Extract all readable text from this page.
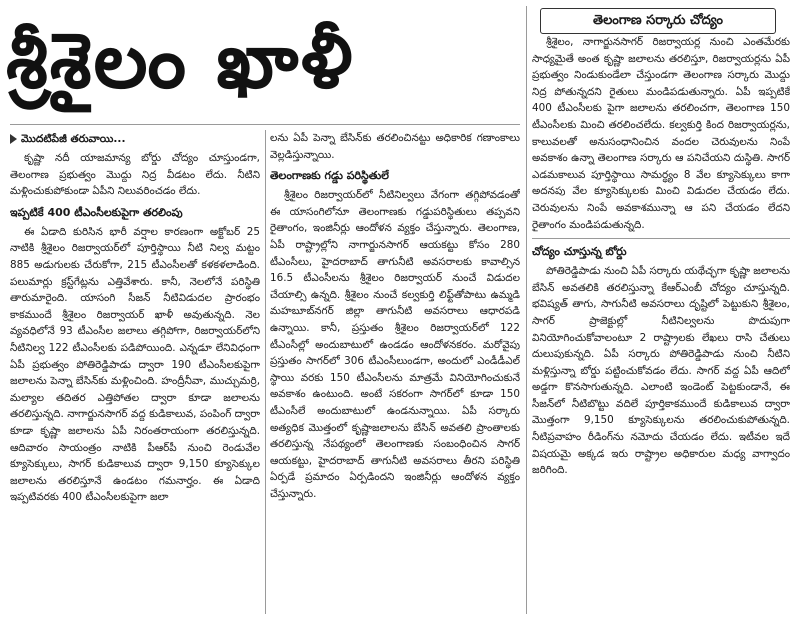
శ్రీశైలం ఖాళీ	తెలంగాణ సర్కారు చోద్యం
మొదటిపేజీ తరువాయి...

కృష్ణా నదీ యాజమాన్య బోర్డు చోద్యం చూస్తుండగా, తెలంగాణ ప్రభుత్వం మొద్దు నిద్ర వీడటం లేదు. నీటిని మళ్లించుకుపోకుండా ఏపీని నిలువరించడం లేదు.

ఇప్పటికే 400 టీఎంసీలకుపైగా తరలింపు

ఈ ఏడాది కురిసిన భారీ వర్షాల కారణంగా అక్టోబర్ 25 నాటికి శ్రీశైలం రిజర్వాయర్‌లో పూర్తిస్థాయి నీటి నిల్వ మట్టం 885 అడుగులకు చేరుకోగా, 215 టీఎంసీలతో కళకళలాడింది. పలుమార్లు క్రస్ట్‌గేట్లను ఎత్తివేశారు. కానీ, నెలలోనే పరిస్థితి తారుమారైంది. యాసంగి సీజన్‌ నీటివిడుదల ప్రారంభం కాకముందే శ్రీశైలం రిజర్వాయర్‌ ఖాళీ అవుతున్నది. నెల వ్యవధిలోనే 93 టీఎంసీల జలాలు తగ్గిపోగా, రిజర్వాయర్‌లోని నీటినిల్వ 122 టీఎంసీలకు పడిపోయింది. ఎన్నడూ లేనివిధంగా ఏపీ ప్రభుత్వం పోతిరెడ్డిపాడు ద్వారా 190 టీఎంసీలకుపైగా జలాలను పెన్నా బేసిన్‌కు మళ్లించింది. హంద్రీనీవా, ముచ్చుమర్రి, మల్యాల తదితర ఎత్తిపోతల ద్వారా కూడా జలాలను తరలిస్తున్నది. నాగార్జునసాగర్‌ వద్ద కుడికాలువ, పంపింగ్‌ ద్వారా కూడా కృష్ణా జలాలను ఏపీ నిరంతరాయంగా తరలిస్తున్నది. ఆదివారం సాయంత్రం నాటికి పీఆర్‌పీ నుంచి రెండువేల క్యూసెక్కులు, సాగర్‌ కుడికాలువ ద్వారా 9,150 క్యూసెక్కుల జలాలను తరలిస్తూనే ఉండటం గమనార్హం. ఈ ఏడాది ఇప్పటివరకు 400 టీఎంసీలకుపైగా జలా

లను ఏపీ పెన్నా బేసిన్‌కు తరలించినట్టు అధికారిక గణాంకాలు వెల్లడిస్తున్నాయి.

తెలంగాణకు గడ్డు పరిస్థితులే

శ్రీశైలం రిజర్వాయర్‌లో నీటినిల్వలు వేగంగా తగ్గిపోవడంతో ఈ యాసంగిలోనూ తెలంగాణకు గడ్డుపరిస్థితులు తప్పవని రైతాంగం, ఇంజినీర్లు ఆందోళన వ్యక్తం చేస్తున్నారు. తెలంగాణ, ఏపీ రాష్ట్రాల్లోని నాగార్జునసాగర్‌ ఆయకట్టు కోసం 280 టీఎంసీలు, హైదరాబాద్‌ తాగునీటి అవసరాలకు కావాల్సిన 16.5 టీఎంసీలను శ్రీశైలం రిజర్వాయర్‌ నుంచే విడుదల చేయాల్సి ఉన్నది. శ్రీశైలం నుంచే కల్వకుర్తి లిఫ్ట్‌తోపాటు ఉమ్మడి మహబూబ్‌నగర్‌ జిల్లా తాగునీటి అవసరాలు ఆధారపడి ఉన్నాయి. కానీ, ప్రస్తుతం శ్రీశైలం రిజర్వాయర్‌లో 122 టీఎంసీల్లో అందుబాటులో ఉండడం ఆందోళనకరం. మరోవైపు ప్రస్తుతం సాగర్‌లో 306 టీఎంసీలుండగా, అందులో ఎండీడీఎల్‌ స్థాయి వరకు 150 టీఎంసీలను మాత్రమే వినియోగించుకునే అవకాశం ఉంటుంది. అంటే సకరంగా సాగర్‌లో కూడా 150 టీఎంసీలే అందుబాటులో ఉండనున్నాయి. ఏపీ సర్కారు అత్యధిక మొత్తంలో కృష్ణాజలాలను బేసిన్‌ అవతలి ప్రాంతాలకు తరలిస్తున్న నేపథ్యంలో తెలంగాణకు సంబంధించిన సాగర్‌ ఆయకట్టు, హైదరాబాద్‌ తాగునీటి అవసరాలు తీరని పరిస్థితి ఏర్పడే ప్రమాదం ఏర్పడిందని ఇంజినీర్లు ఆందోళన వ్యక్తం చేస్తున్నారు.

శ్రీశైలం, నాగార్జునసాగర్‌ రిజర్వాయర్ల నుంచి ఎంతమేరకు సాధ్యమైతే అంత కృష్ణా జలాలను తరలిస్తూ, రిజర్వాయర్లను ఏపీ ప్రభుత్వం నిండుకుండేలా చేస్తుండగా తెలంగాణ సర్కారు మొద్దు నిద్ర పోతున్నదని రైతులు మండిపడుతున్నారు. ఏపీ ఇప్పటికే 400 టీఎంసీలకు పైగా జలాలను తరలించగా, తెలంగాణ 150 టీఎంసీలకు మించి తరలించలేదు. కల్వకుర్తి కింద రిజర్వాయర్లను, కాలువలతో అనుసంధానించిన వందల చెరువులను నింపే అవకాశం ఉన్నా తెలంగాణ సర్కారు ఆ పనిచేయని దుస్థితి. సాగర్‌ ఎడమకాలువ పూర్తిస్థాయి సామర్థ్యం 8 వేల క్యూసెక్కులు కాగా అదనపు వేల క్యూసెక్కులకు మించి విడుదల చేయడం లేదు. చెరువులను నింపే అవకాశమున్నా ఆ పని చేయడం లేదని రైతాంగం మండిపడుతున్నది.

చోద్యం చూస్తున్న బోర్డు

పోతిరెడ్డిపాడు నుంచి ఏపీ సర్కారు యథేచ్ఛగా కృష్ణా జలాలను బేసిన్‌ అవతలికి తరలిస్తున్నా కేఆర్‌ఎంబీ చోద్యం చూస్తున్నది. భవిష్యత్‌ తాగు, సాగునీటి అవసరాలు దృష్టిలో పెట్టుకుని శ్రీశైలం, సాగర్‌ ప్రాజెక్టుల్లో నీటినిల్వలను పొదుపుగా వినియోగించుకోవాలంటూ 2 రాష్ట్రాలకు లేఖలు రాసి చేతులు దులుపుకున్నది. ఏపీ సర్కారు పోతిరెడ్డిపాడు నుంచి నీటిని మళ్లిస్తున్నా బోర్డు పట్టించుకోవడం లేదు. సాగర్‌ వద్ద ఏపీ ఆదిలో అడ్డగా కొనసాగుతున్నది. ఎలాంటి ఇండెంట్‌ పెట్టకుండానే, ఈ సీజన్‌లో నీటిబొట్టు వదిలే పూర్తికాకముందే కుడికాలువ ద్వారా మొత్తంగా 9,150 క్యూసెక్కులను తరలించుకుపోతున్నది. నీటిప్రవాహం రీడింగ్‌ను నమోదు చేయడం లేదు. ఇటీవల ఇదే విషయమై అక్కడ ఇరు రాష్ట్రాల అధికారుల మధ్య వాగ్వాదం జరిగింది.
